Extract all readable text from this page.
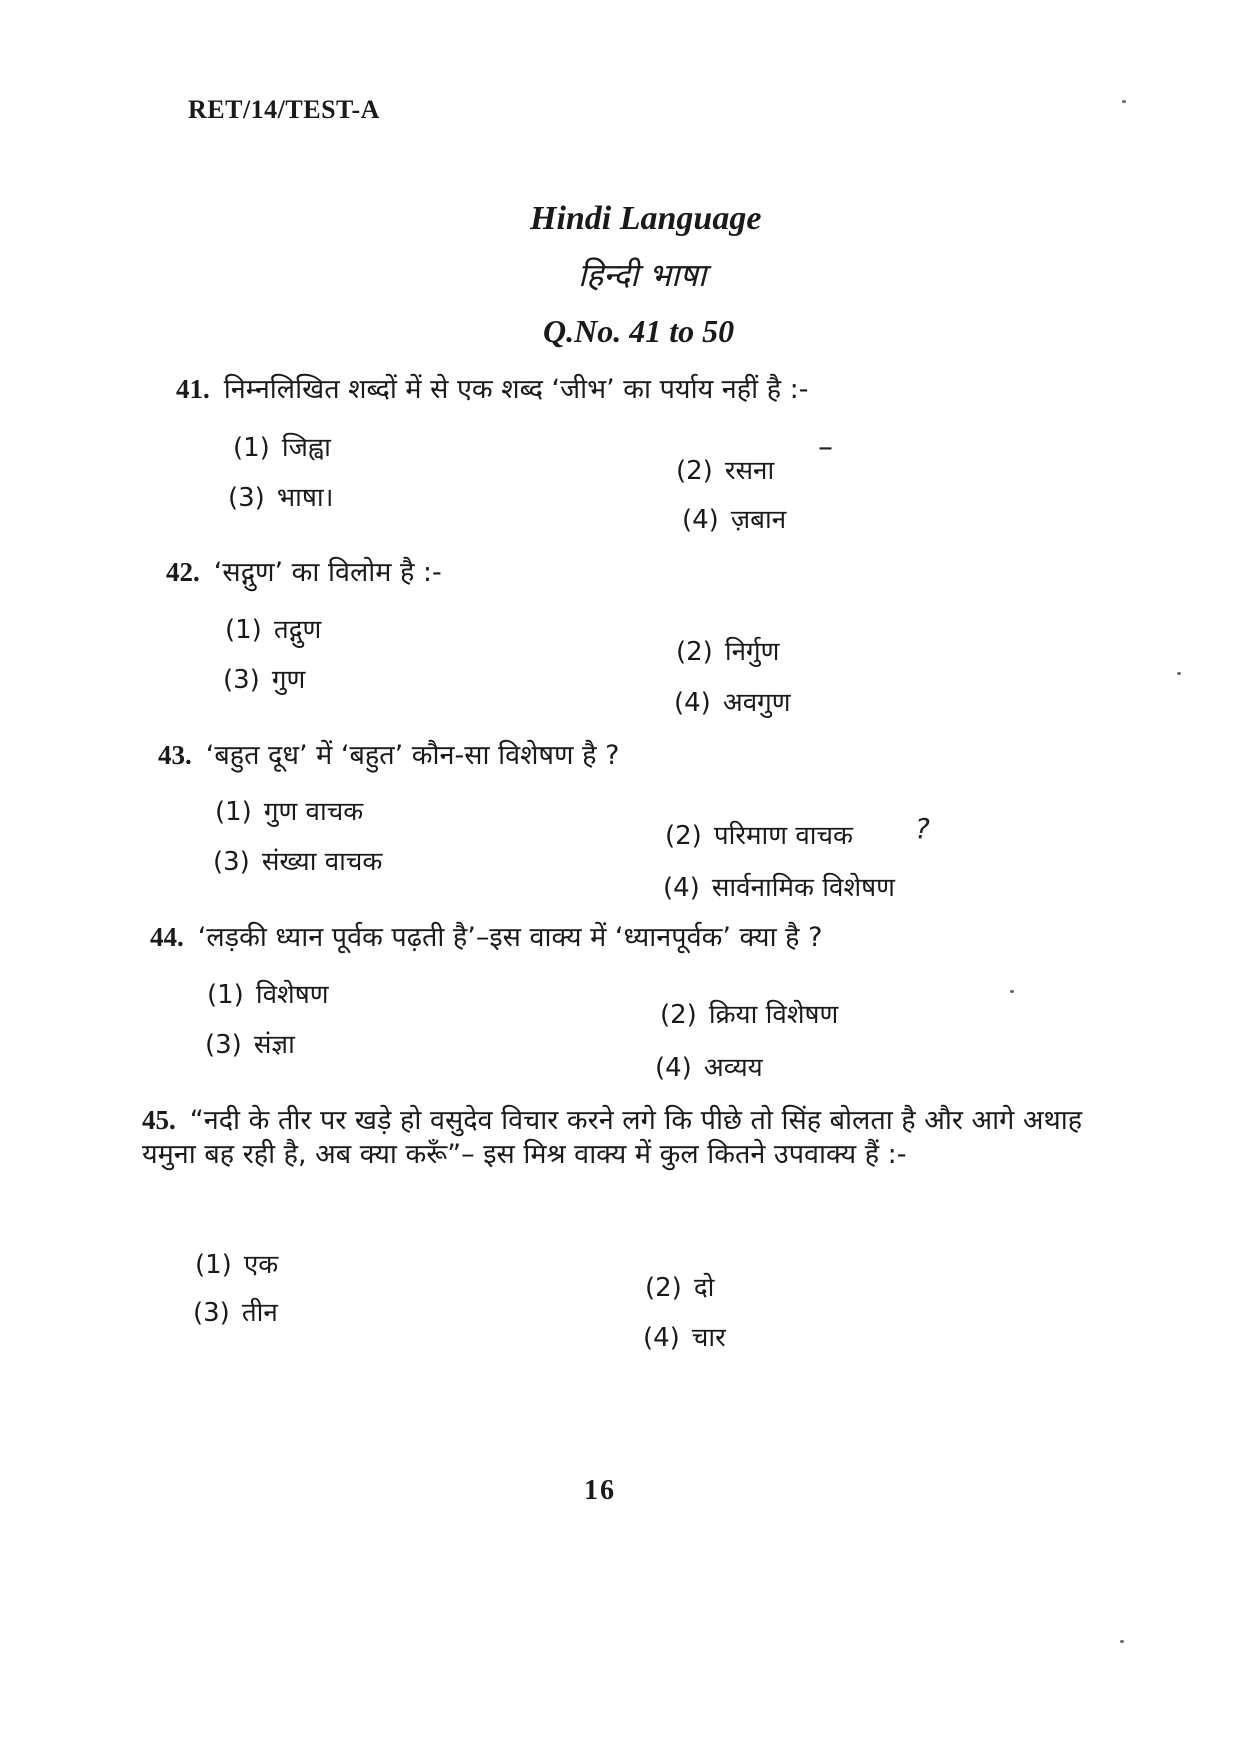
RET/14/TEST-A
Hindi Language
हिन्दी भाषा
Q.No. 41 to 50
41. निम्नलिखित शब्दों में से एक शब्द ‘जीभ’ का पर्याय नहीं है :-
(1) जिह्वा
(2) रसना
–
(3) भाषा।
(4) ज़बान
42. ‘सद्गुण’ का विलोम है :-
(1) तद्गुण
(2) निर्गुण
(3) गुण
(4) अवगुण
43. ‘बहुत दूध’ में ‘बहुत’ कौन-सा विशेषण है ?
(1) गुण वाचक
(2) परिमाण वाचक ?
(3) संख्या वाचक
(4) सार्वनामिक विशेषण
44. ‘लड़की ध्यान पूर्वक पढ़ती है’–इस वाक्य में ‘ध्यानपूर्वक’ क्या है ?
(1) विशेषण
(2) क्रिया विशेषण
(3) संज्ञा
(4) अव्यय
45. “नदी के तीर पर खड़े हो वसुदेव विचार करने लगे कि पीछे तो सिंह बोलता है और आगे अथाह यमुना बह रही है, अब क्या करूँ”– इस मिश्र वाक्य में कुल कितने उपवाक्य हैं :-
(1) एक
(2) दो
(3) तीन
(4) चार
16
